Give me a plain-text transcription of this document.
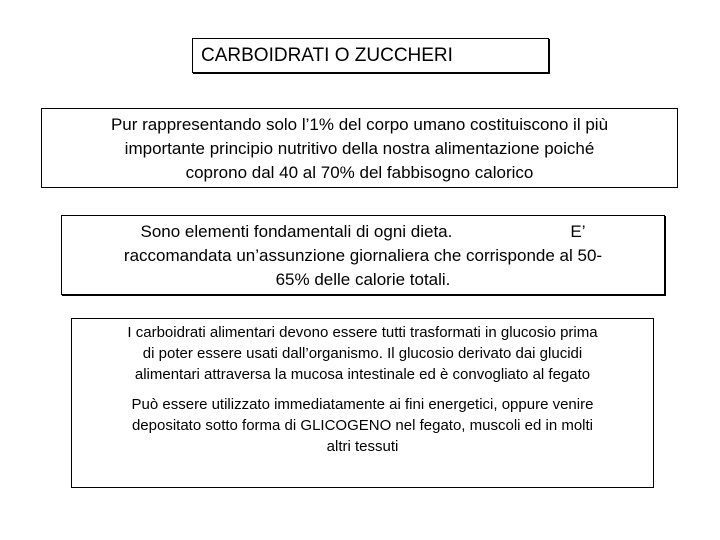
CARBOIDRATI O ZUCCHERI
Pur rappresentando solo l’1% del corpo umano costituiscono il più
importante principio nutritivo della nostra alimentazione poiché
coprono dal 40 al 70% del fabbisogno calorico
Sono elementi fondamentali di ogni dieta.	E’
raccomandata un’assunzione giornaliera che corrisponde al 50-
65% delle calorie totali.

I carboidrati alimentari devono essere tutti trasformati in glucosio prima
di poter essere usati dall’organismo. Il glucosio derivato dai glucidi
alimentari attraversa la mucosa intestinale ed è convogliato al fegato

Può essere utilizzato immediatamente ai fini energetici, oppure venire
depositato sotto forma di GLICOGENO nel fegato, muscoli ed in molti
altri tessuti
